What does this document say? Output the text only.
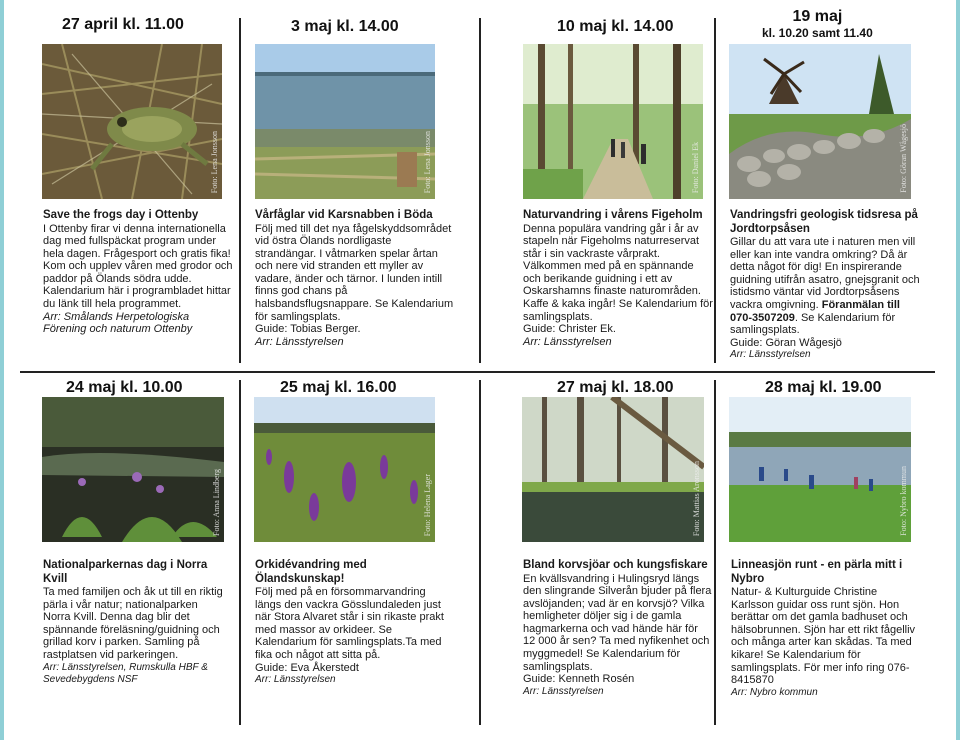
27 april kl. 11.00
Foto: Lena Jonsson
Save the frogs day i Ottenby
I Ottenby firar vi denna internationella dag med fullspäckat program under hela dagen. Frågesport och gratis fika! Kom och upplev våren med grodor och paddor på Ölands södra udde. Kalendarium här i programbladet hittar du länk till hela programmet.
Arr: Smålands Herpetologiska Förening och naturum Ottenby
3 maj kl. 14.00
Foto: Lena Jonsson
Vårfåglar vid Karsnabben i Böda
Följ med till det nya fågelskyddsområdet vid östra Ölands nordligaste strandängar. I våtmarken spelar årtan och nere vid stranden ett myller av vadare, änder och tärnor. I lunden intill finns god chans på halsbandsflugsnappare. Se Kalendarium för samlingsplats.
Guide: Tobias Berger.
Arr: Länsstyrelsen
10 maj kl. 14.00
Foto: Daniel Ek
Naturvandring i vårens Figeholm
Denna populära vandring går i år av stapeln när Figeholms naturreservat står i sin vackraste vårprakt. Välkommen med på en spännande och berikande guidning i ett av Oskarshamns finaste naturområden. Kaffe & kaka ingår! Se Kalendarium för samlingsplats.
Guide: Christer Ek.
Arr: Länsstyrelsen
19 maj
kl. 10.20 samt 11.40
Foto: Göran Wågesjö
Vandringsfri geologisk tidsresa på Jordtorpsåsen
Gillar du att vara ute i naturen men vill eller kan inte vandra omkring? Då är detta något för dig! En inspirerande guidning utifrån asatro, gnejsgranit och istidsmo väntar vid Jordtorpsåsens vackra omgivning. Föranmälan till 070-3507209. Se Kalendarium för samlingsplats.
Guide: Göran Wågesjö
Arr: Länsstyrelsen
24 maj kl. 10.00
Foto: Anna Lindberg
Nationalparkernas dag i Norra Kvill
Ta med familjen och åk ut till en riktig pärla i vår natur; nationalparken Norra Kvill. Denna dag blir det spännande föreläsning/guidning och grillad korv i parken. Samling på rastplatsen vid parkeringen.
Arr: Länsstyrelsen, Rumskulla HBF & Sevedebygdens NSF
25 maj kl. 16.00
Foto: Helena Lager
Orkidévandring med Ölandskunskap!
Följ med på en försommarvandring längs den vackra Gösslundaleden just när Stora Alvaret står i sin rikaste prakt med massor av orkideer. Se Kalendarium för samlingsplats.Ta med fika och något att sitta på.
Guide: Eva Åkerstedt
Arr: Länsstyrelsen
27 maj kl. 18.00
Foto: Mattias Aronsson
Bland korvsjöar och kungsfiskare
En kvällsvandring i Hulingsryd längs den slingrande Silverån bjuder på flera avslöjanden; vad är en korvsjö? Vilka hemligheter döljer sig i de gamla hagmarkerna och vad hände här för 12 000 år sen? Ta med nyfikenhet och myggmedel! Se Kalendarium för samlingsplats.
Guide: Kenneth Rosén
Arr: Länsstyrelsen
28 maj kl. 19.00
Foto: Nybro kommun
Linneasjön runt - en pärla mitt i Nybro
Natur- & Kulturguide Christine Karlsson guidar oss runt sjön. Hon berättar om det gamla badhuset och hälsobrunnen. Sjön har ett rikt fågelliv och många arter kan skådas. Ta med kikare! Se Kalendarium för samlingsplats. För mer info ring 076-8415870
Arr: Nybro kommun
